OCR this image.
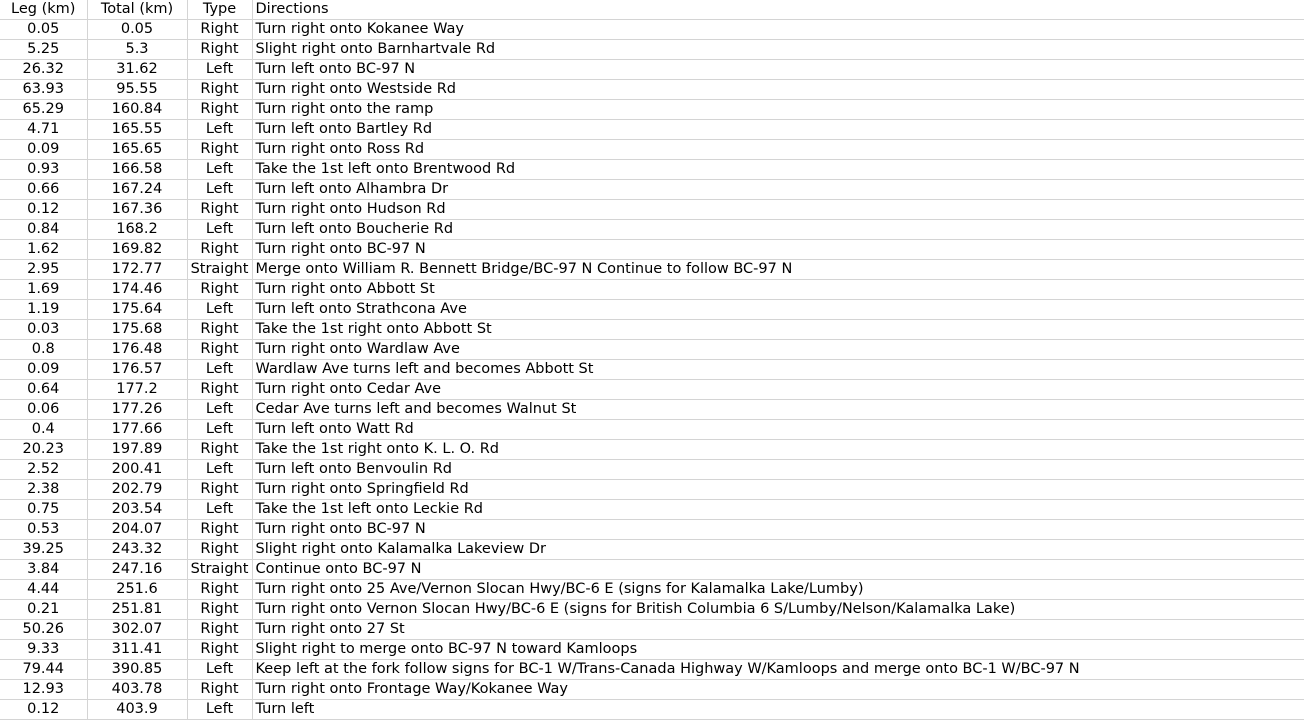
Leg (km)	Total (km)	Type	Directions
0.05	0.05	Right	Turn right onto Kokanee Way
5.25	5.3	Right	Slight right onto Barnhartvale Rd
26.32	31.62	Left	Turn left onto BC-97 N
63.93	95.55	Right	Turn right onto Westside Rd
65.29	160.84	Right	Turn right onto the ramp
4.71	165.55	Left	Turn left onto Bartley Rd
0.09	165.65	Right	Turn right onto Ross Rd
0.93	166.58	Left	Take the 1st left onto Brentwood Rd
0.66	167.24	Left	Turn left onto Alhambra Dr
0.12	167.36	Right	Turn right onto Hudson Rd
0.84	168.2	Left	Turn left onto Boucherie Rd
1.62	169.82	Right	Turn right onto BC-97 N
2.95	172.77	Straight	Merge onto William R. Bennett Bridge/BC-97 N Continue to follow BC-97 N
1.69	174.46	Right	Turn right onto Abbott St
1.19	175.64	Left	Turn left onto Strathcona Ave
0.03	175.68	Right	Take the 1st right onto Abbott St
0.8	176.48	Right	Turn right onto Wardlaw Ave
0.09	176.57	Left	Wardlaw Ave turns left and becomes Abbott St
0.64	177.2	Right	Turn right onto Cedar Ave
0.06	177.26	Left	Cedar Ave turns left and becomes Walnut St
0.4	177.66	Left	Turn left onto Watt Rd
20.23	197.89	Right	Take the 1st right onto K. L. O. Rd
2.52	200.41	Left	Turn left onto Benvoulin Rd
2.38	202.79	Right	Turn right onto Springfield Rd
0.75	203.54	Left	Take the 1st left onto Leckie Rd
0.53	204.07	Right	Turn right onto BC-97 N
39.25	243.32	Right	Slight right onto Kalamalka Lakeview Dr
3.84	247.16	Straight	Continue onto BC-97 N
4.44	251.6	Right	Turn right onto 25 Ave/Vernon Slocan Hwy/BC-6 E (signs for Kalamalka Lake/Lumby)
0.21	251.81	Right	Turn right onto Vernon Slocan Hwy/BC-6 E (signs for British Columbia 6 S/Lumby/Nelson/Kalamalka Lake)
50.26	302.07	Right	Turn right onto 27 St
9.33	311.41	Right	Slight right to merge onto BC-97 N toward Kamloops
79.44	390.85	Left	Keep left at the fork follow signs for BC-1 W/Trans-Canada Highway W/Kamloops and merge onto BC-1 W/BC-97 N
12.93	403.78	Right	Turn right onto Frontage Way/Kokanee Way
0.12	403.9	Left	Turn left
